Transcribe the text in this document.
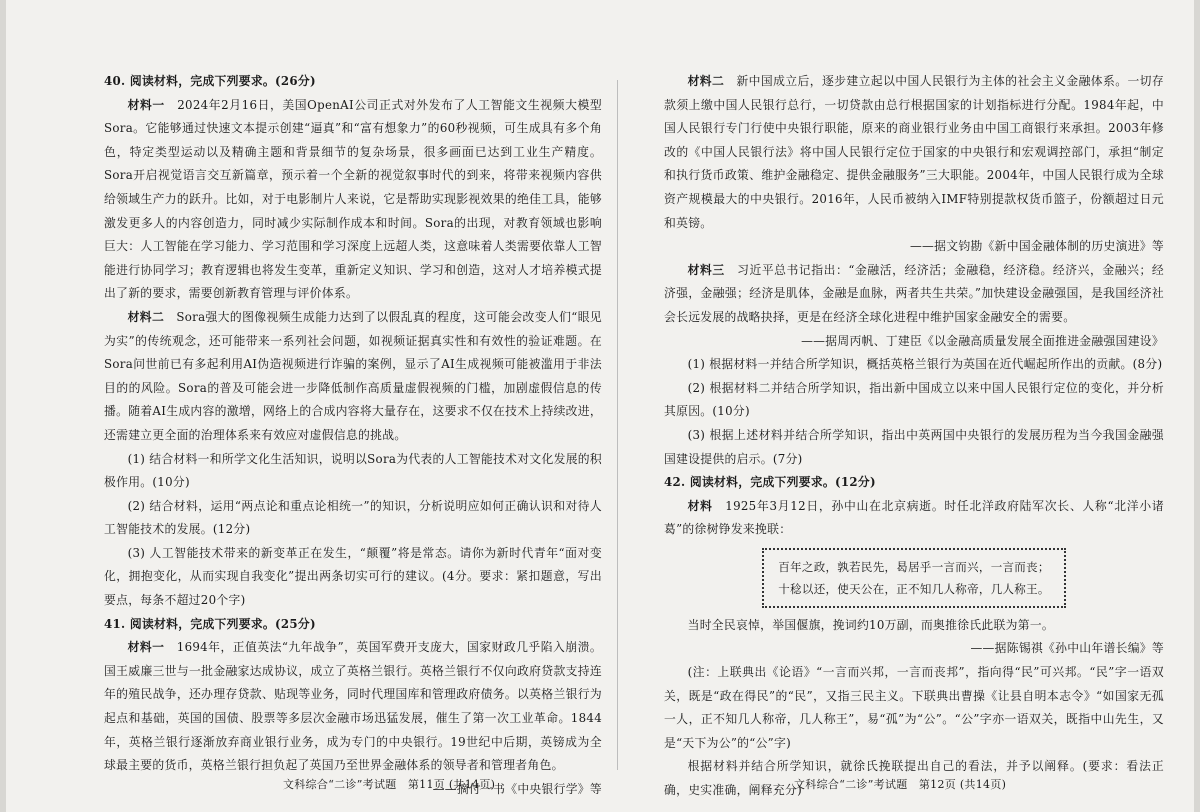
40. 阅读材料，完成下列要求。(26分)

材料一　 2024年2月16日，美国OpenAI公司正式对外发布了人工智能文生视频大模型Sora。它能够通过快速文本提示创建“逼真”和“富有想象力”的60秒视频，可生成具有多个角色，特定类型运动以及精确主题和背景细节的复杂场景，很多画面已达到工业生产精度。Sora开启视觉语言交互新篇章，预示着一个全新的视觉叙事时代的到来，将带来视频内容供给领域生产力的跃升。比如，对于电影制片人来说，它是帮助实现影视效果的绝佳工具，能够激发更多人的内容创造力，同时减少实际制作成本和时间。Sora的出现，对教育领域也影响巨大：人工智能在学习能力、学习范围和学习深度上远超人类，这意味着人类需要依靠人工智能进行协同学习；教育逻辑也将发生变革，重新定义知识、学习和创造，这对人才培养模式提出了新的要求，需要创新教育管理与评价体系。

材料二　 Sora强大的图像视频生成能力达到了以假乱真的程度，这可能会改变人们“眼见为实”的传统观念，还可能带来一系列社会问题，如视频证据真实性和有效性的验证难题。在Sora问世前已有多起利用AI伪造视频进行诈骗的案例，显示了AI生成视频可能被滥用于非法目的的风险。Sora的普及可能会进一步降低制作高质量虚假视频的门槛，加剧虚假信息的传播。随着AI生成内容的激增，网络上的合成内容将大量存在，这要求不仅在技术上持续改进，还需建立更全面的治理体系来有效应对虚假信息的挑战。

(1) 结合材料一和所学文化生活知识，说明以Sora为代表的人工智能技术对文化发展的积极作用。(10分)

(2) 结合材料，运用“两点论和重点论相统一”的知识，分析说明应如何正确认识和对待人工智能技术的发展。(12分)

(3) 人工智能技术带来的新变革正在发生，“颠覆”将是常态。请你为新时代青年“面对变化，拥抱变化，从而实现自我变化”提出两条切实可行的建议。(4分。要求：紧扣题意，写出要点，每条不超过20个字)

41. 阅读材料，完成下列要求。(25分)

材料一　 1694年，正值英法“九年战争”，英国军费开支庞大，国家财政几乎陷入崩溃。国王威廉三世与一批金融家达成协议，成立了英格兰银行。英格兰银行不仅向政府贷款支持连年的殖民战争，还办理存贷款、贴现等业务，同时代理国库和管理政府债务。以英格兰银行为起点和基础，英国的国债、股票等多层次金融市场迅猛发展，催生了第一次工业革命。1844年，英格兰银行逐渐放弃商业银行业务，成为专门的中央银行。19世纪中后期，英镑成为全球最主要的货币，英格兰银行担负起了英国乃至世界金融体系的领导者和管理者角色。

——摘付一书《中央银行学》等

材料二　 新中国成立后，逐步建立起以中国人民银行为主体的社会主义金融体系。一切存款须上缴中国人民银行总行，一切贷款由总行根据国家的计划指标进行分配。1984年起，中国人民银行专门行使中央银行职能，原来的商业银行业务由中国工商银行来承担。2003年修改的《中国人民银行法》将中国人民银行定位于国家的中央银行和宏观调控部门，承担“制定和执行货币政策、维护金融稳定、提供金融服务”三大职能。2004年，中国人民银行成为全球资产规模最大的中央银行。2016年，人民币被纳入IMF特别提款权货币篮子，份额超过日元和英镑。

——据文钧勘《新中国金融体制的历史演进》等

材料三　 习近平总书记指出：“金融活，经济活；金融稳，经济稳。经济兴，金融兴；经济强，金融强；经济是肌体，金融是血脉，两者共生共荣。”加快建设金融强国，是我国经济社会长远发展的战略抉择，更是在经济全球化进程中维护国家金融安全的需要。

——据周丙帆、丁建臣《以金融高质量发展全面推进金融强国建设》

(1) 根据材料一并结合所学知识，概括英格兰银行为英国在近代崛起所作出的贡献。(8分)

(2) 根据材料二并结合所学知识，指出新中国成立以来中国人民银行定位的变化，并分析其原因。(10分)

(3) 根据上述材料并结合所学知识，指出中英两国中央银行的发展历程为当今我国金融强国建设提供的启示。(7分)

42. 阅读材料，完成下列要求。(12分)

材料　 1925年3月12日，孙中山在北京病逝。时任北洋政府陆军次长、人称“北洋小诸葛”的徐树铮发来挽联：

百年之政，孰若民先，曷居乎一言而兴，一言而丧；
十稔以还，使天公在，正不知几人称帝，几人称王。

当时全民哀悼，举国偃旗，挽词约10万副，而奥推徐氏此联为第一。

——据陈锡祺《孙中山年谱长编》等

(注：上联典出《论语》“一言而兴邦，一言而丧邦”，指向得“民”可兴邦。“民”字一语双关，既是“政在得民”的“民”，又指三民主义。下联典出曹操《让县自明本志令》“如国家无孤一人，正不知几人称帝，几人称王”，易“孤”为“公”。“公”字亦一语双关，既指中山先生，又是“天下为公”的“公”字)

根据材料并结合所学知识，就徐氏挽联提出自己的看法，并予以阐释。(要求：看法正确，史实准确，阐释充分)

文科综合“二诊”考试题　第11页 (共14页)	文科综合“二诊”考试题　第12页 (共14页)
